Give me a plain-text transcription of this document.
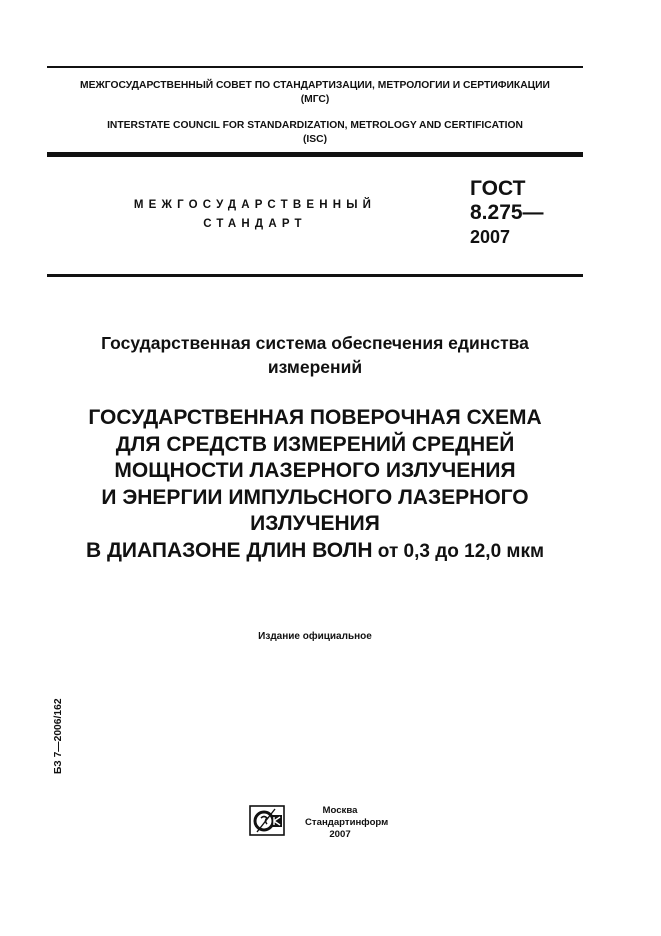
МЕЖГОСУДАРСТВЕННЫЙ СОВЕТ ПО СТАНДАРТИЗАЦИИ, МЕТРОЛОГИИ И СЕРТИФИКАЦИИ
(МГС)
INTERSTATE COUNCIL FOR STANDARDIZATION, METROLOGY AND CERTIFICATION
(ISC)
МЕЖГОСУДАРСТВЕННЫЙ
СТАНДАРТ
ГОСТ
8.275—
2007
Государственная система обеспечения единства
измерений
ГОСУДАРСТВЕННАЯ ПОВЕРОЧНАЯ СХЕМА
ДЛЯ СРЕДСТВ ИЗМЕРЕНИЙ СРЕДНЕЙ
МОЩНОСТИ ЛАЗЕРНОГО ИЗЛУЧЕНИЯ
И ЭНЕРГИИ ИМПУЛЬСНОГО ЛАЗЕРНОГО
ИЗЛУЧЕНИЯ
В ДИАПАЗОНЕ ДЛИН ВОЛН от 0,3 до 12,0 мкм
Издание официальное
БЗ 7—2006/162
Москва
Стандартинформ
2007
